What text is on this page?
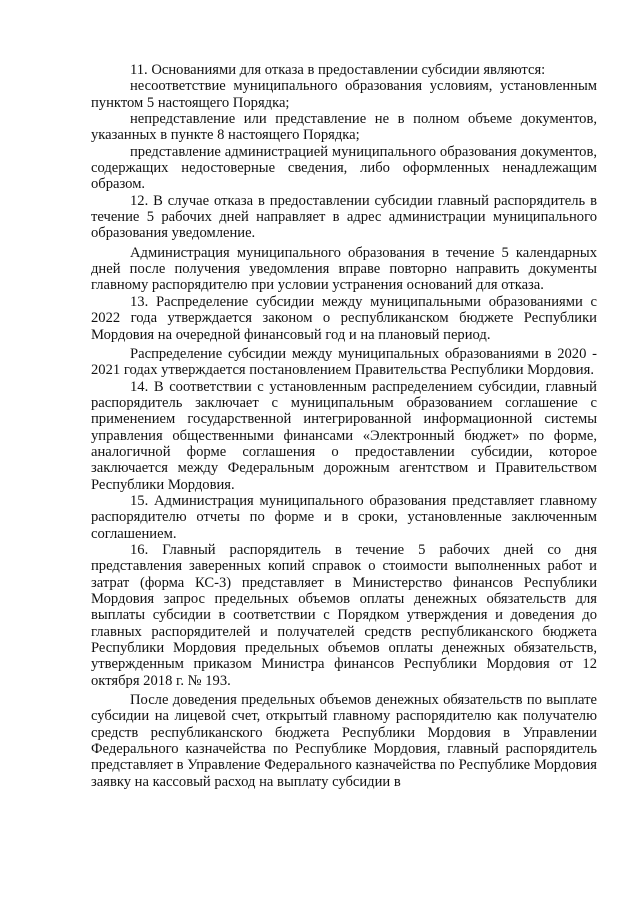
11. Основаниями для отказа в предоставлении субсидии являются:

несоответствие муниципального образования условиям, установленным пунктом 5 настоящего Порядка;

непредставление или представление не в полном объеме документов, указанных в пункте 8 настоящего Порядка;

представление администрацией муниципального образования документов, содержащих недостоверные сведения, либо оформленных ненадлежащим образом.

12. В случае отказа в предоставлении субсидии главный распорядитель в течение 5 рабочих дней направляет в адрес администрации муниципального образования уведомление.

Администрация муниципального образования в течение 5 календарных дней после получения уведомления вправе повторно направить документы главному распорядителю при условии устранения оснований для отказа.

13. Распределение субсидии между муниципальными образованиями с 2022 года утверждается законом о республиканском бюджете Республики Мордовия на очередной финансовый год и на плановый период.

Распределение субсидии между муниципальных образованиями в 2020 - 2021 годах утверждается постановлением Правительства Республики Мордовия.

14. В соответствии с установленным распределением субсидии, главный распорядитель заключает с муниципальным образованием соглашение с применением государственной интегрированной информационной системы управления общественными финансами «Электронный бюджет» по форме, аналогичной форме соглашения о предоставлении субсидии, которое заключается между Федеральным дорожным агентством и Правительством Республики Мордовия.

15. Администрация муниципального образования представляет главному распорядителю отчеты по форме и в сроки, установленные заключенным соглашением.

16. Главный распорядитель в течение 5 рабочих дней со дня представления заверенных копий справок о стоимости выполненных работ и затрат (форма КС-3) представляет в Министерство финансов Республики Мордовия запрос предельных объемов оплаты денежных обязательств для выплаты субсидии в соответствии с Порядком утверждения и доведения до главных распорядителей и получателей средств республиканского бюджета Республики Мордовия предельных объемов оплаты денежных обязательств, утвержденным приказом Министра финансов Республики Мордовия от 12 октября 2018 г. № 193.

После доведения предельных объемов денежных обязательств по выплате субсидии на лицевой счет, открытый главному распорядителю как получателю средств республиканского бюджета Республики Мордовия в Управлении Федерального казначейства по Республике Мордовия, главный распорядитель представляет в Управление Федерального казначейства по Республике Мордовия заявку на кассовый расход на выплату субсидии в
